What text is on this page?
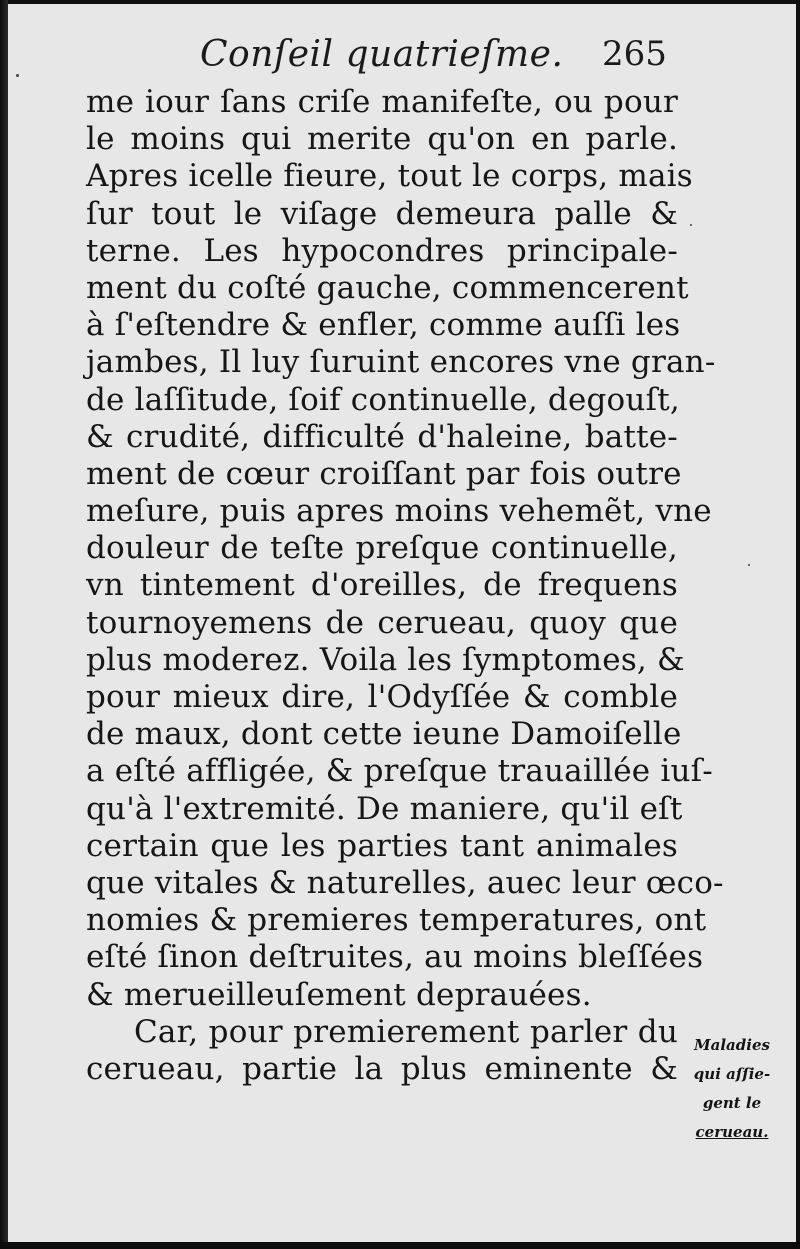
Conſeil quatrieſme. 265
me iour ſans criſe manifeſte, ou pour
le moins qui merite qu'on en parle.
Apres icelle fieure, tout le corps, mais
ſur tout le viſage demeura palle &
terne. Les hypocondres principale-
ment du coſté gauche, commencerent
à ſ'eſtendre & enfler, comme auſſi les
jambes, Il luy ſuruint encores vne gran-
de laſſitude, ſoif continuelle, degouſt,
& crudité, difficulté d'haleine, batte-
ment de cœur croiſſant par fois outre
meſure, puis apres moins vehemẽt, vne
douleur de teſte preſque continuelle,
vn tintement d'oreilles, de frequens
tournoyemens de cerueau, quoy que
plus moderez. Voila les ſymptomes, &
pour mieux dire, l'Odyſſée & comble
de maux, dont cette ieune Damoiſelle
a eſté affligée, & preſque trauaillée iuſ-
qu'à l'extremité. De maniere, qu'il eſt
certain que les parties tant animales
que vitales & naturelles, auec leur œco-
nomies & premieres temperatures, ont
eſté ſinon deſtruites, au moins bleſſées
& merueilleuſement deprauées.
Car, pour premierement parler du
cerueau, partie la plus eminente &
Maladies
qui aſſie-
gent le
cerueau.
